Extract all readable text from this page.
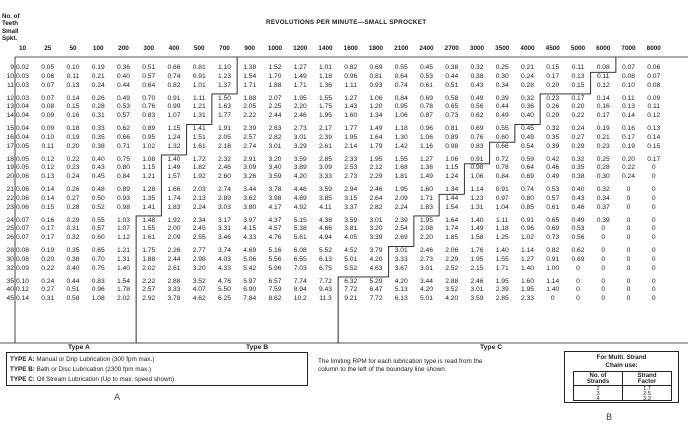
No. of
Teeth
Small
Spkt.
REVOLUTIONS PER MINUTE—SMALL SPROCKET
10	25	50	100	200	300	400	500	700	900	1000	1200	1400	1600	1800	2100	2400	2700	3000	3500	4000	4500	5000	6000	7000	8000
9 0.02	0.05	0.10	0.19	0.36	0.51	0.66	0.81	1.10	1.38	1.52	1.27	1.01	0.82	0.69	0.55	0.45	0.38	0.32	0.25	0.21	0.15	0.11	0.08	0.07	0.06
10 0.03	0.06	0.11	0.21	0.40	0.57	0.74	0.91	1.23	1.54	1.70	1.49	1.18	0.96	0.81	0.64	0.53	0.44	0.38	0.30	0.24	0.17	0.13	0.11	0.08	0.07
11 0.03	0.07	0.13	0.24	0.44	0.64	0.82	1.01	1.37	1.71	1.88	1.71	1.36	1.11	0.93	0.74	0.61	0.51	0.43	0.34	0.28	0.20	0.15	0.12	0.10	0.08
12 0.03	0.07	0.14	0.26	0.49	0.70	0.91	1.11	1.50	1.88	2.07	1.95	1.55	1.27	1.06	0.84	0.69	0.58	0.49	0.39	0.32	0.23	0.17	0.14	0.11	0.09
13 0.04	0.08	0.15	0.28	0.53	0.76	0.99	1.21	1.63	2.05	2.25	2.20	1.75	1.43	1.20	0.95	0.78	0.65	0.56	0.44	0.36	0.26	0.20	0.16	0.13	0.11
14 0.04	0.09	0.16	0.31	0.57	0.83	1.07	1.31	1.77	2.22	2.44	2.46	1.95	1.60	1.34	1.06	0.87	0.73	0.62	0.49	0.40	0.29	0.22	0.17	0.14	0.12
15 0.04	0.09	0.18	0.33	0.62	0.89	1.15	1.41	1.91	2.39	2.63	2.73	2.17	1.77	1.49	1.18	0.96	0.81	0.69	0.55	0.45	0.32	0.24	0.19	0.16	0.13
16 0.04	0.10	0.19	0.35	0.66	0.95	1.24	1.51	2.05	2.57	2.82	3.01	2.39	1.95	1.64	1.30	1.06	0.89	0.76	0.60	0.49	0.35	0.27	0.21	0.17	0.14
17 0.05	0.11	0.20	0.38	0.71	1.02	1.32	1.61	2.18	2.74	3.01	3.29	2.61	2.14	1.79	1.42	1.16	0.98	0.83	0.66	0.54	0.39	0.29	0.23	0.19	0.15
18 0.05	0.12	0.22	0.40	0.75	1.08	1.40	1.72	2.32	2.91	3.20	3.59	2.85	2.33	1.95	1.55	1.27	1.06	0.91	0.72	0.59	0.42	0.32	0.25	0.20	0.17
19 0.05	0.12	0.23	0.43	0.80	1.15	1.49	1.82	2.46	3.09	3.40	3.89	3.09	2.53	2.12	1.68	1.38	1.15	0.98	0.78	0.64	0.46	0.35	0.28	0.22	0
20 0.06	0.13	0.24	0.45	0.84	1.21	1.57	1.92	2.60	3.26	3.59	4.20	3.33	2.73	2.29	1.81	1.49	1.24	1.06	0.84	0.69	0.49	0.38	0.30	0.24	0
21 0.06	0.14	0.26	0.48	0.89	1.28	1.66	2.03	2.74	3.44	3.78	4.46	3.59	2.94	2.46	1.95	1.60	1.34	1.14	0.91	0.74	0.53	0.40	0.32	0	0
22 0.06	0.14	0.27	0.50	0.93	1.35	1.74	2.13	2.89	3.62	3.98	4.69	3.85	3.15	2.64	2.09	1.71	1.44	1.23	0.97	0.80	0.57	0.43	0.34	0	0
23 0.06	0.15	0.28	0.52	0.98	1.41	1.83	2.24	3.03	3.80	4.17	4.92	4.11	3.37	2.82	2.24	1.83	1.54	1.31	1.04	0.85	0.61	0.46	0.37	0	0
24 0.07	0.16	0.29	0.55	1.03	1.48	1.92	2.34	3.17	3.97	4.37	5.15	4.38	3.59	3.01	2.39	1.95	1.64	1.40	1.11	0.91	0.65	0.49	0.39	0	0
25 0.07	0.17	0.31	0.57	1.07	1.55	2.00	2.45	3.31	4.15	4.57	5.38	4.66	3.81	3.20	2.54	2.08	1.74	1.49	1.18	0.96	0.69	0.53	0	0	0
26 0.07	0.17	0.32	0.60	1.12	1.61	2.09	2.55	3.46	4.33	4.76	5.61	4.94	4.05	3.39	2.69	2.20	1.85	1.58	1.25	1.02	0.73	0.56	0	0	0
28 0.08	0.19	0.35	0.65	1.21	1.75	2.26	2.77	3.74	4.69	5.16	6.08	5.52	4.52	3.79	3.01	2.46	2.06	1.76	1.40	1.14	0.82	0.62	0	0	0
30 0.08	0.20	0.38	0.70	1.31	1.88	2.44	2.98	4.03	5.06	5.56	6.55	6.13	5.01	4.20	3.33	2.73	2.29	1.95	1.55	1.27	0.91	0.69	0	0	0
32 0.09	0.22	0.40	0.75	1.40	2.02	2.61	3.20	4.33	5.42	5.96	7.03	6.75	5.52	4.63	3.67	3.01	2.52	2.15	1.71	1.40	1.00	0	0	0	0
35 0.10	0.24	0.44	0.83	1.54	2.22	2.88	3.52	4.76	5.97	6.57	7.74	7.72	6.32	5.29	4.20	3.44	2.88	2.46	1.95	1.60	1.14	0	0	0	0
40 0.12	0.27	0.51	0.96	1.78	2.57	3.33	4.07	5.50	6.90	7.59	8.94	9.43	7.72	6.47	5.13	4.20	3.52	3.01	2.39	1.95	1.40	0	0	0	0
45 0.14	0.31	0.58	1.08	2.02	2.92	3.78	4.62	6.25	7.84	8.62	10.2	11.3	9.21	7.72	6.13	5.01	4.20	3.59	2.85	2.33	0	0	0	0	0
Type A	Type B	Type C
TYPE A: Manual or Drip Lubrication (300 fpm max.)
TYPE B: Bath or Disc Lubrication (2300 fpm max.)
TYPE C: Oil Stream Lubrication (Up to max. speed shown).
The limiting RPM for each lubrication type is read from the
column to the left of the boundary line shown.
For Multi. Strand
Chain use:
No. of
Strands
Strand
Factor
2	1.7
3	2.5
4	3.3
A
B
